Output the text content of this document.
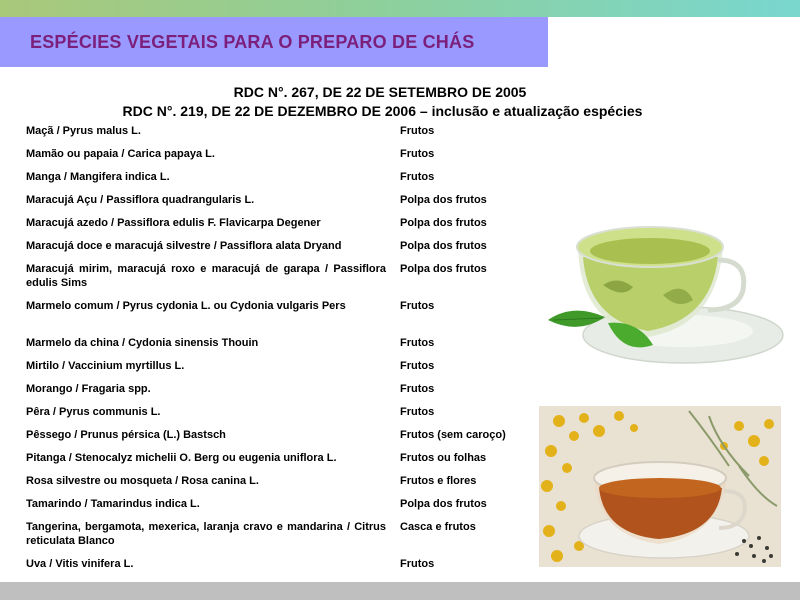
ESPÉCIES VEGETAIS PARA O PREPARO DE CHÁS
RDC N°. 267, DE 22 DE SETEMBRO DE 2005
RDC N°. 219, DE 22 DE DEZEMBRO DE 2006 – inclusão e atualização espécies
Maçã / Pyrus malus L.	Frutos
Mamão ou papaia / Carica papaya L.	Frutos
Manga / Mangifera indica L.	Frutos
Maracujá Açu / Passiflora quadrangularis L.	Polpa dos frutos
Maracujá azedo / Passiflora edulis F. Flavicarpa Degener	Polpa dos frutos
Maracujá doce e maracujá silvestre / Passiflora alata Dryand	Polpa dos frutos
Maracujá mirim, maracujá roxo e maracujá de garapa / Passiflora edulis Sims	Polpa dos frutos
Marmelo comum / Pyrus cydonia L. ou Cydonia vulgaris Pers	Frutos
Marmelo da china / Cydonia sinensis Thouin	Frutos
Mirtilo / Vaccinium myrtillus L.	Frutos
Morango / Fragaria spp.	Frutos
Pêra / Pyrus communis L.	Frutos
Pêssego / Prunus pérsica (L.) Bastsch	Frutos (sem caroço)
Pitanga / Stenocalyz michelii O. Berg ou eugenia uniflora L.	Frutos ou folhas
Rosa silvestre ou mosqueta / Rosa canina L.	Frutos e flores
Tamarindo / Tamarindus indica L.	Polpa dos frutos
Tangerina, bergamota, mexerica, laranja cravo e mandarina / Citrus reticulata Blanco	Casca e frutos
Uva / Vitis vinifera L.	Frutos
